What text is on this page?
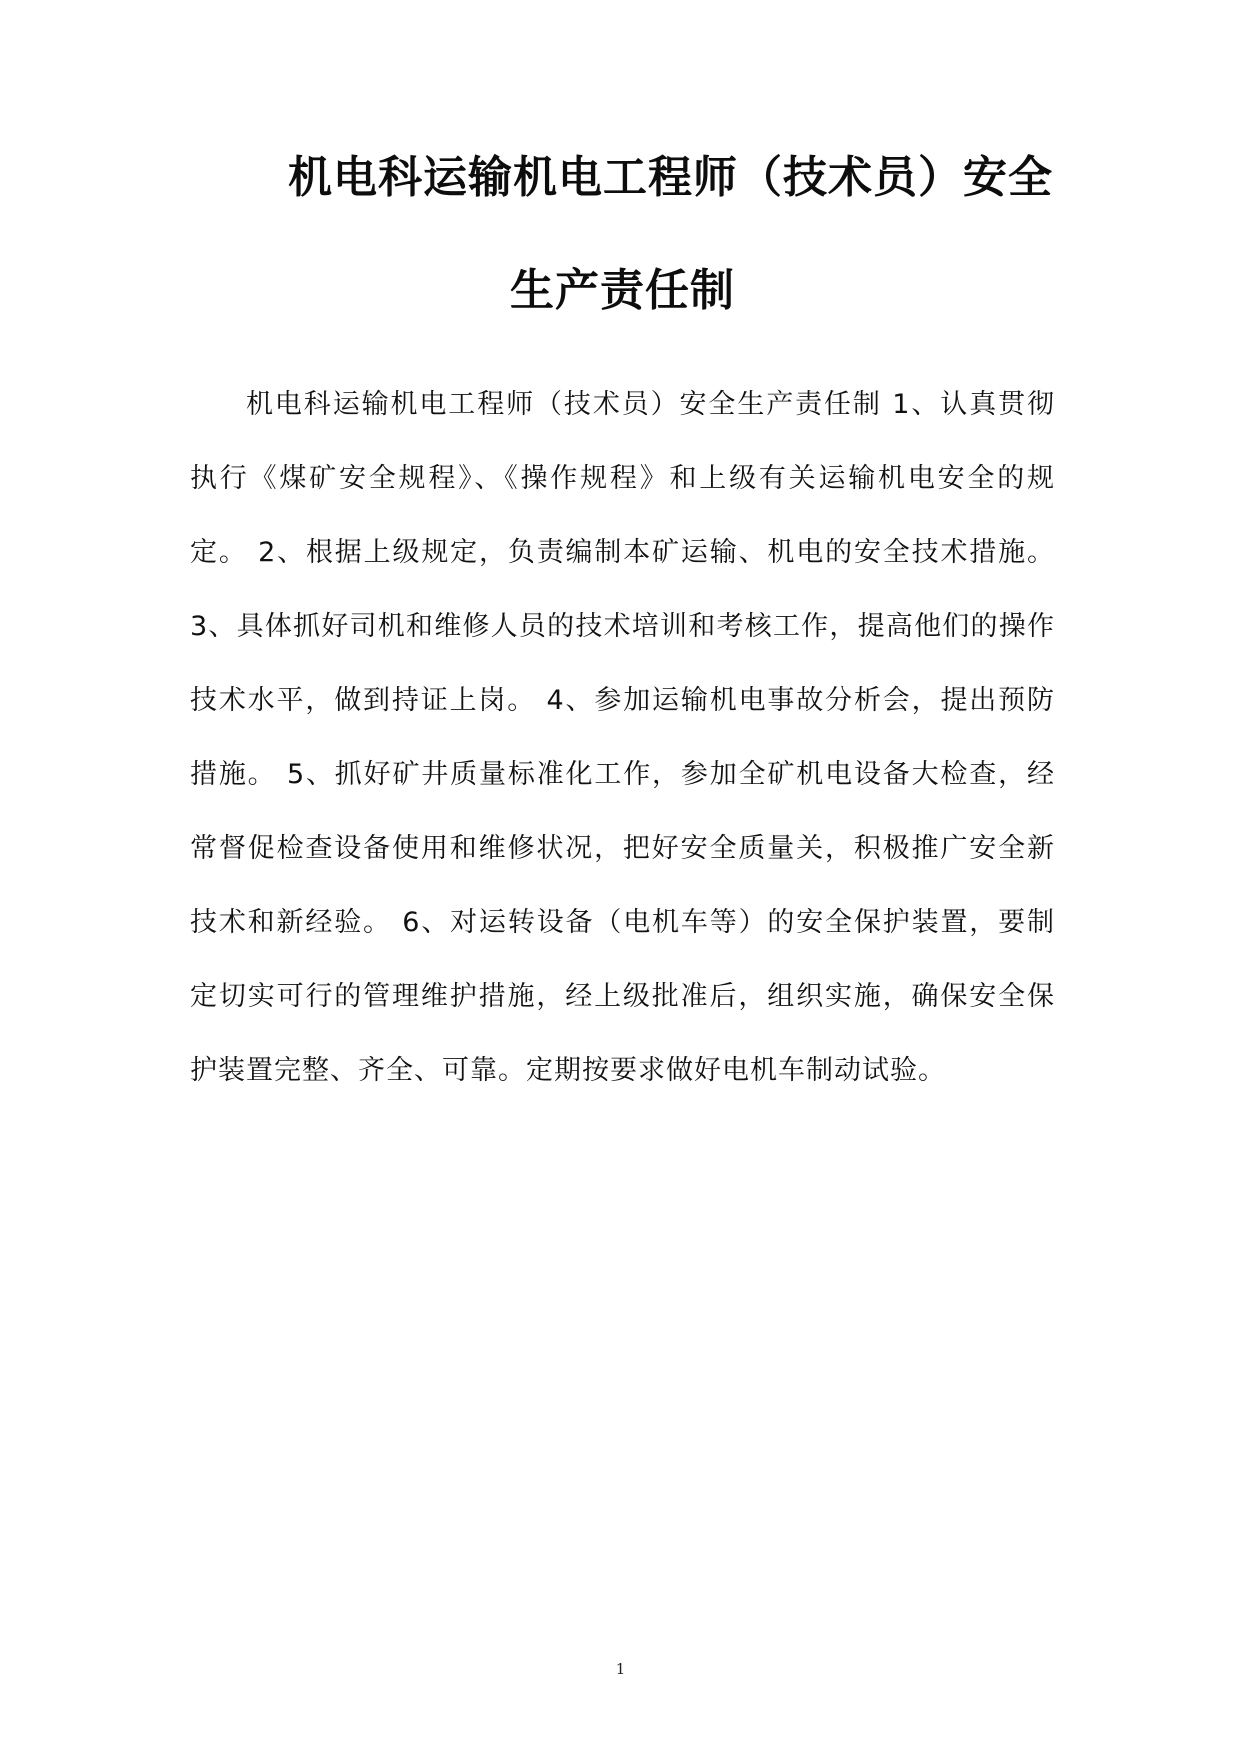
机电科运输机电工程师（技术员）安全
生产责任制

机电科运输机电工程师（技术员）安全生产责任制 1、认真贯彻执行《煤矿安全规程》、《操作规程》和上级有关运输机电安全的规定。 2、根据上级规定，负责编制本矿运输、机电的安全技术措施。 3、具体抓好司机和维修人员的技术培训和考核工作，提高他们的操作技术水平，做到持证上岗。 4、参加运输机电事故分析会，提出预防措施。 5、抓好矿井质量标准化工作，参加全矿机电设备大检查，经常督促检查设备使用和维修状况，把好安全质量关，积极推广安全新技术和新经验。 6、对运转设备（电机车等）的安全保护装置，要制定切实可行的管理维护措施，经上级批准后，组织实施，确保安全保护装置完整、齐全、可靠。定期按要求做好电机车制动试验。

1
